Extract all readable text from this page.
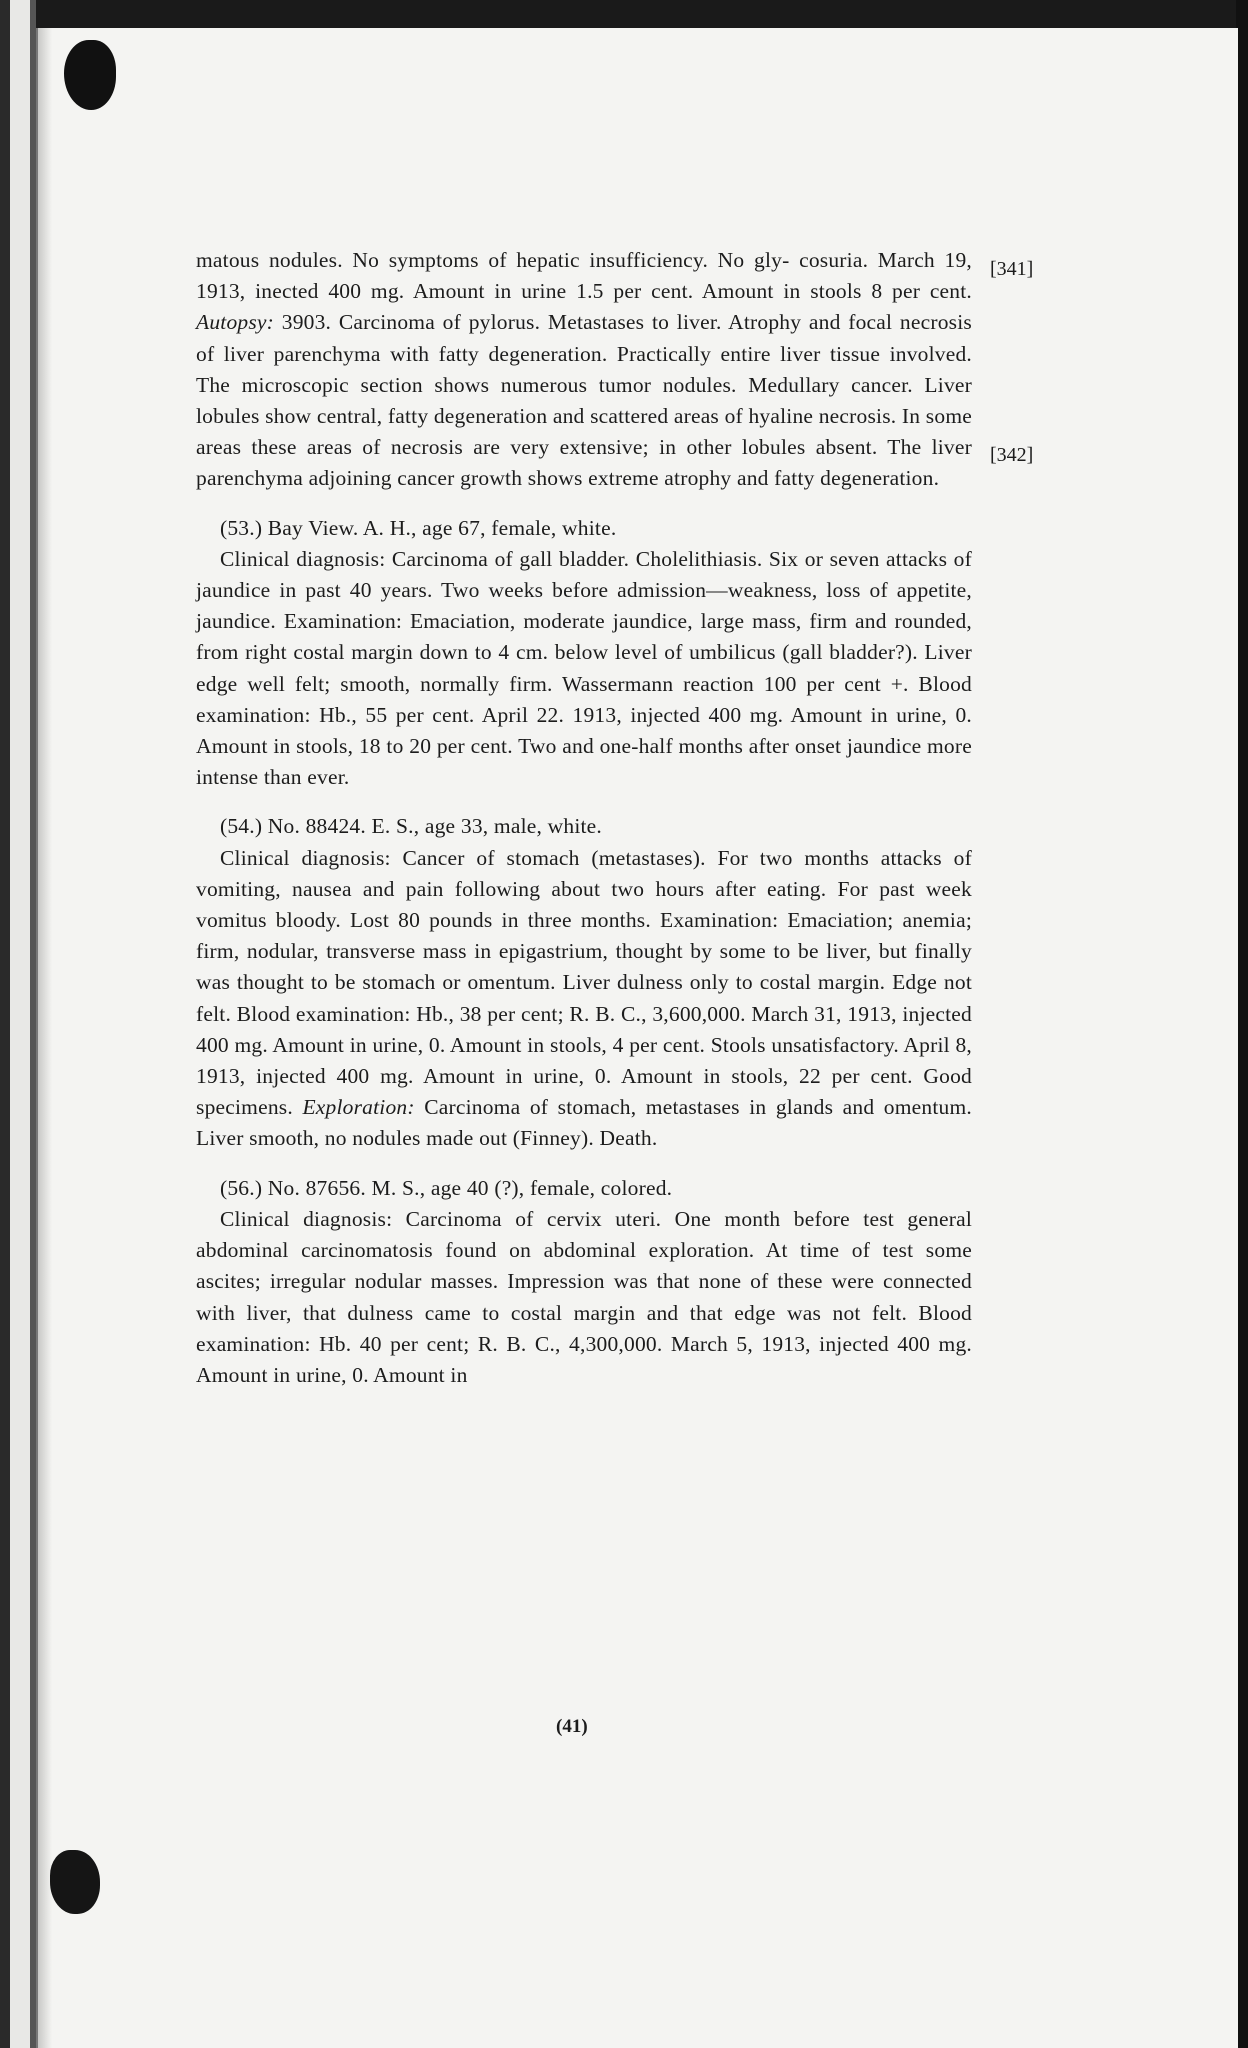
[341]
[342]

matous nodules. No symptoms of hepatic insufficiency. No gly- cosuria. March 19, 1913, inected 400 mg. Amount in urine 1.5 per cent. Amount in stools 8 per cent. Autopsy: 3903. Carcinoma of pylorus. Metastases to liver. Atrophy and focal necrosis of liver parenchyma with fatty degeneration. Practically entire liver tissue involved. The microscopic section shows numerous tumor nodules. Medullary cancer. Liver lobules show central, fatty degeneration and scattered areas of hyaline necrosis. In some areas these areas of necrosis are very extensive; in other lobules absent. The liver parenchyma adjoining cancer growth shows extreme atrophy and fatty degeneration.

(53.) Bay View. A. H., age 67, female, white.

Clinical diagnosis: Carcinoma of gall bladder. Cholelithiasis. Six or seven attacks of jaundice in past 40 years. Two weeks before admission—weakness, loss of appetite, jaundice. Examination: Emaciation, moderate jaundice, large mass, firm and rounded, from right costal margin down to 4 cm. below level of umbilicus (gall bladder?). Liver edge well felt; smooth, normally firm. Wassermann reaction 100 per cent +. Blood examination: Hb., 55 per cent. April 22. 1913, injected 400 mg. Amount in urine, 0. Amount in stools, 18 to 20 per cent. Two and one-half months after onset jaundice more intense than ever.

(54.) No. 88424. E. S., age 33, male, white.

Clinical diagnosis: Cancer of stomach (metastases). For two months attacks of vomiting, nausea and pain following about two hours after eating. For past week vomitus bloody. Lost 80 pounds in three months. Examination: Emaciation; anemia; firm, nodular, transverse mass in epigastrium, thought by some to be liver, but finally was thought to be stomach or omentum. Liver dulness only to costal margin. Edge not felt. Blood examination: Hb., 38 per cent; R. B. C., 3,600,000. March 31, 1913, injected 400 mg. Amount in urine, 0. Amount in stools, 4 per cent. Stools unsatisfactory. April 8, 1913, injected 400 mg. Amount in urine, 0. Amount in stools, 22 per cent. Good specimens. Exploration: Carcinoma of stomach, metastases in glands and omentum. Liver smooth, no nodules made out (Finney). Death.

(56.) No. 87656. M. S., age 40 (?), female, colored.

Clinical diagnosis: Carcinoma of cervix uteri. One month before test general abdominal carcinomatosis found on abdominal exploration. At time of test some ascites; irregular nodular masses. Impression was that none of these were connected with liver, that dulness came to costal margin and that edge was not felt. Blood examination: Hb. 40 per cent; R. B. C., 4,300,000. March 5, 1913, injected 400 mg. Amount in urine, 0. Amount in

(41)
